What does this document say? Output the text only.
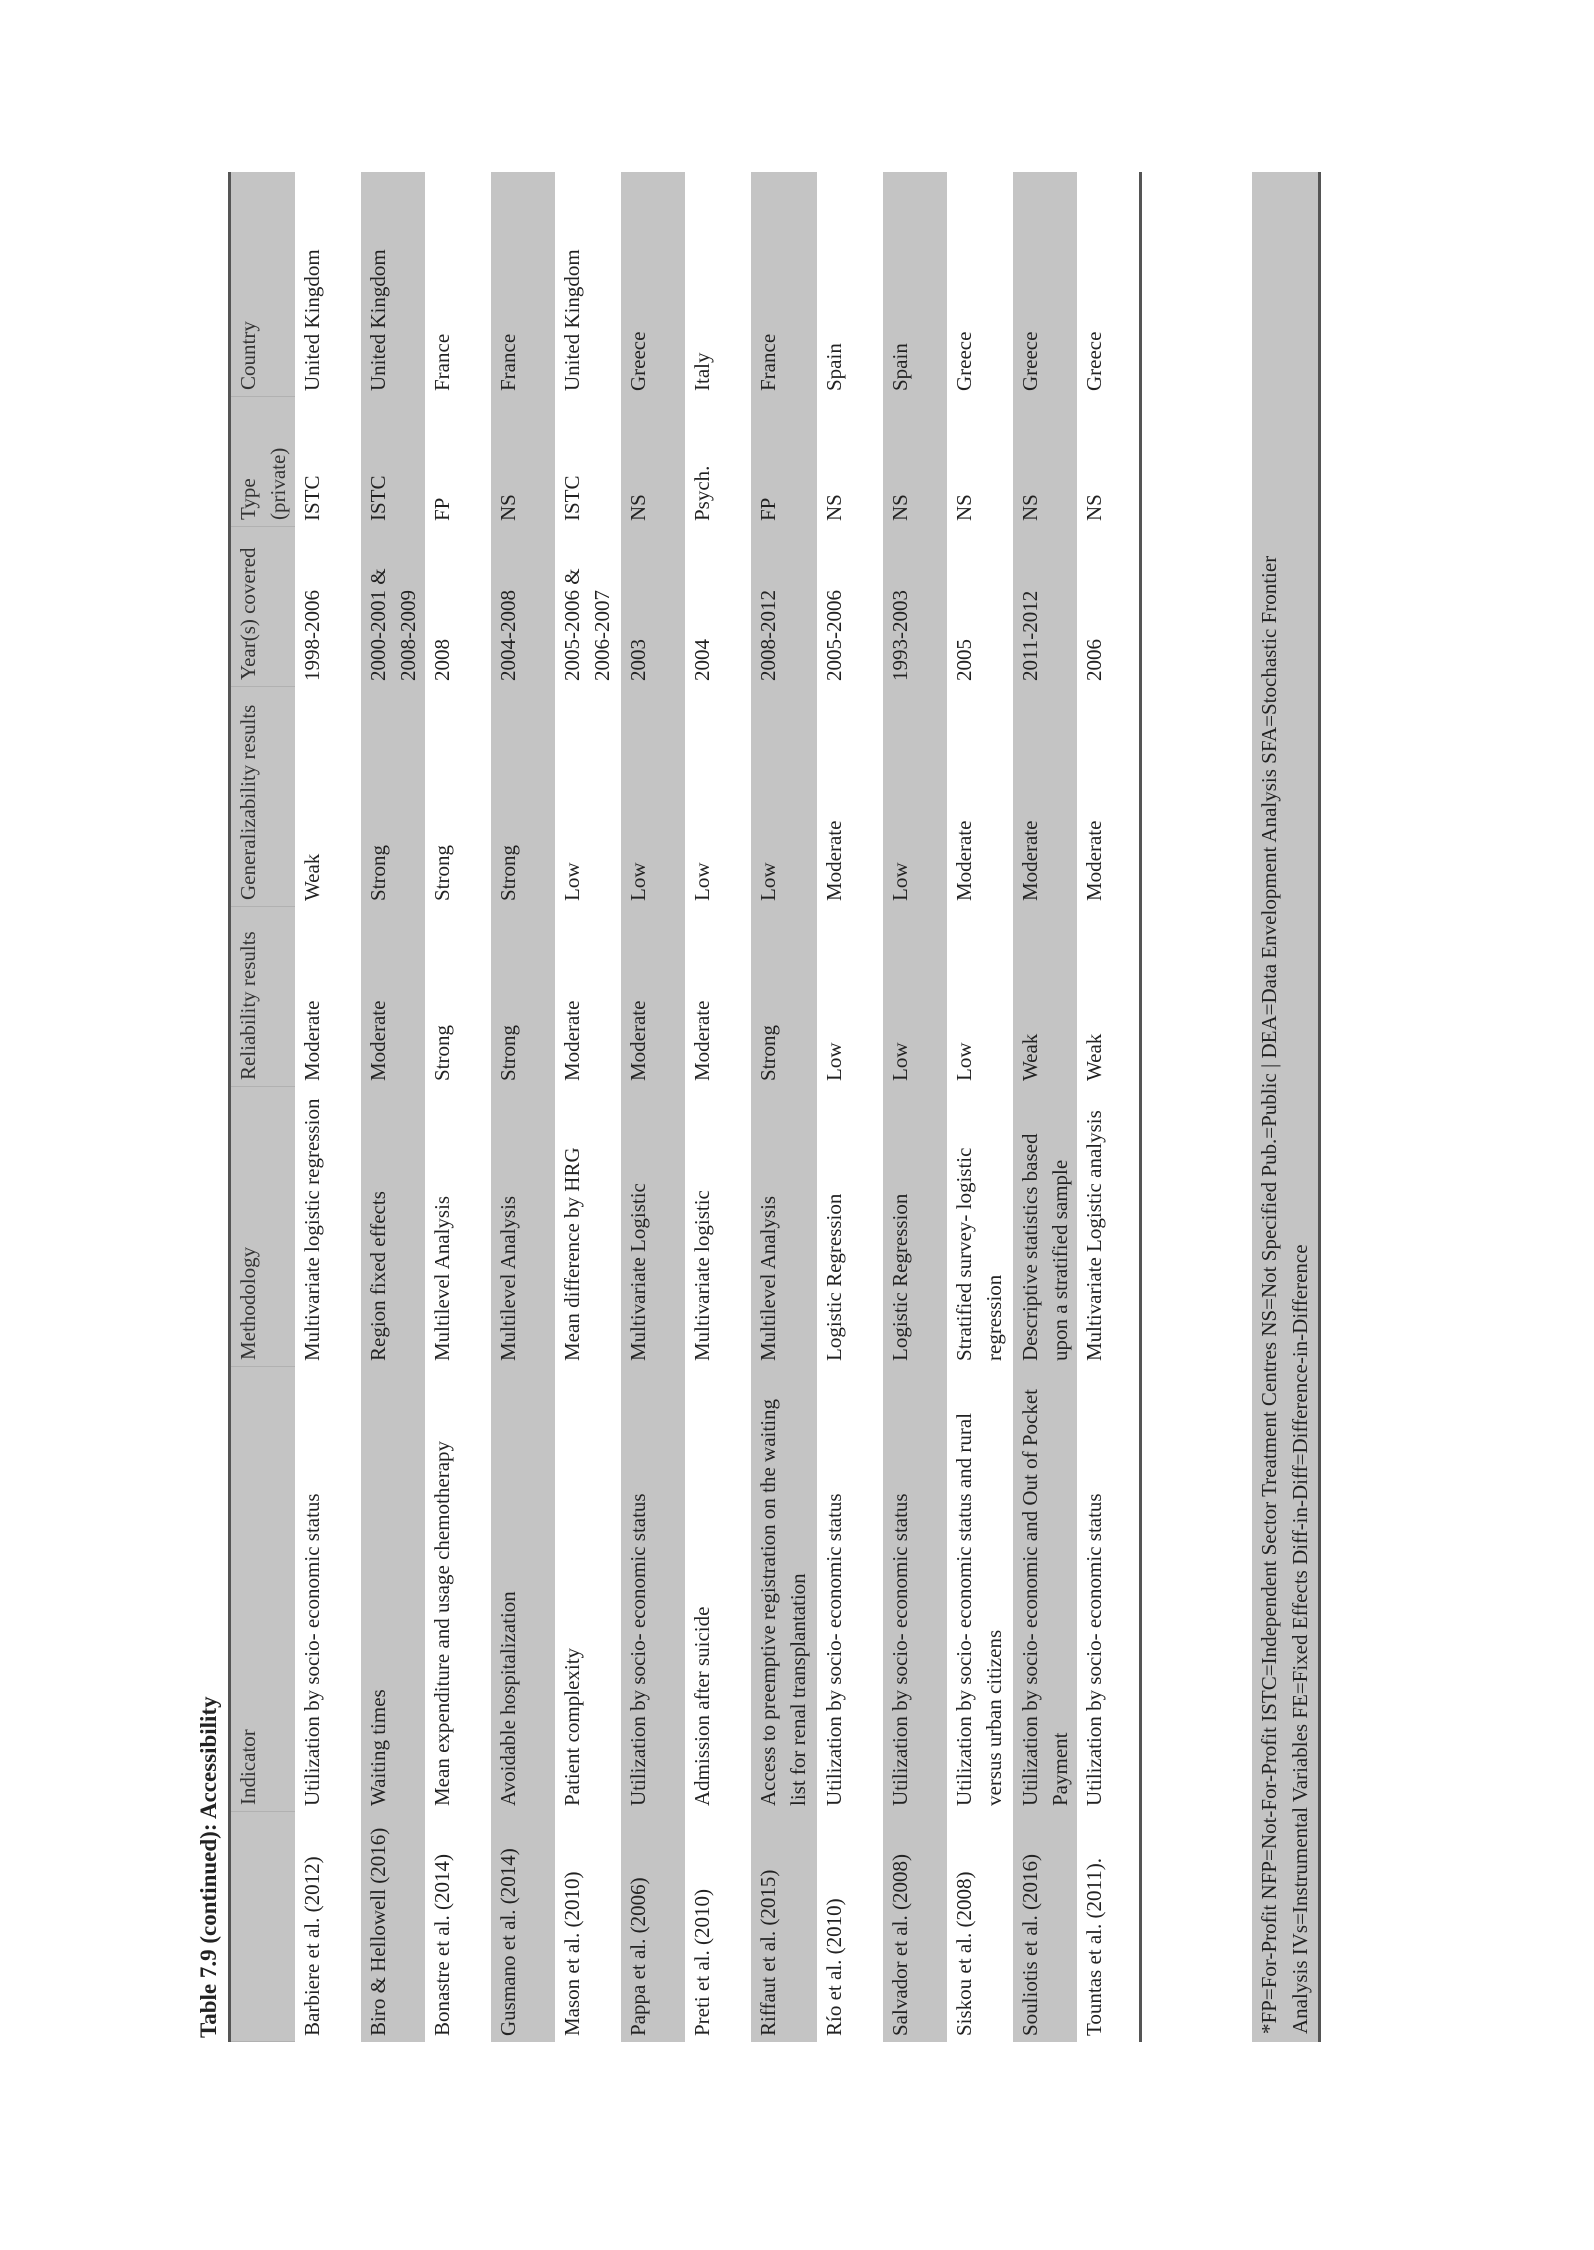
Table 7.9 (continued): Accessibility Indicator
Methodology
Reliability results
Generalizability results
Year(s) covered
Type (private)
Country
Barbiere et al. (2012)
Utilization by socio- economic status
Multivariate logistic regression
Moderate
Weak
1998-2006
ISTC
United Kingdom
Biro & Hellowell (2016)
Waiting times
Region fixed effects
Moderate
Strong
2000-2001 & 2008-2009
ISTC
United Kingdom
Bonastre et al. (2014)
Mean expenditure and usage chemotherapy
Multilevel Analysis
Strong
Strong
2008
FP
France
Gusmano et al. (2014)
Avoidable hospitalization
Multilevel Analysis
Strong
Strong
2004-2008
NS
France
Mason et al. (2010)
Patient complexity
Mean difference by HRG
Moderate
Low
2005-2006 & 2006-2007
ISTC
United Kingdom
Pappa et al. (2006)
Utilization by socio- economic status
Multivariate Logistic
Moderate
Low
2003
NS
Greece
Preti et al. (2010)
Admission after suicide
Multivariate logistic
Moderate
Low
2004
Psych.
Italy
Riffaut et al. (2015)
Access to preemptive registration on the waiting list for renal transplantation
Multilevel Analysis
Strong
Low
2008-2012
FP
France
Río et al. (2010)
Utilization by socio- economic status
Logistic Regression
Low
Moderate
2005-2006
NS
Spain
Salvador et al. (2008)
Utilization by socio- economic status
Logistic Regression
Low
Low
1993-2003
NS
Spain
Siskou et al. (2008)
Utilization by socio- economic status and rural versus urban citizens
Stratified survey- logistic regression
Low
Moderate
2005
NS
Greece
Souliotis et al. (2016)
Utilization by socio- economic and Out of Pocket Payment
Descriptive statistics based upon a stratified sample
Weak
Moderate
2011-2012
NS
Greece
Tountas et al. (2011).
Utilization by socio- economic status
Multivariate Logistic analysis
Weak
Moderate
2006
NS
Greece
*FP=For-Profit NFP=Not-For-Profit ISTC=Independent Sector Treatment Centres NS=Not Specified Pub.=Public | DEA=Data Envelopment Analysis SFA=Stochastic Frontier Analysis IVs=Instrumental Variables FE=Fixed Effects Diff-in-Diff=Difference-in-Difference
